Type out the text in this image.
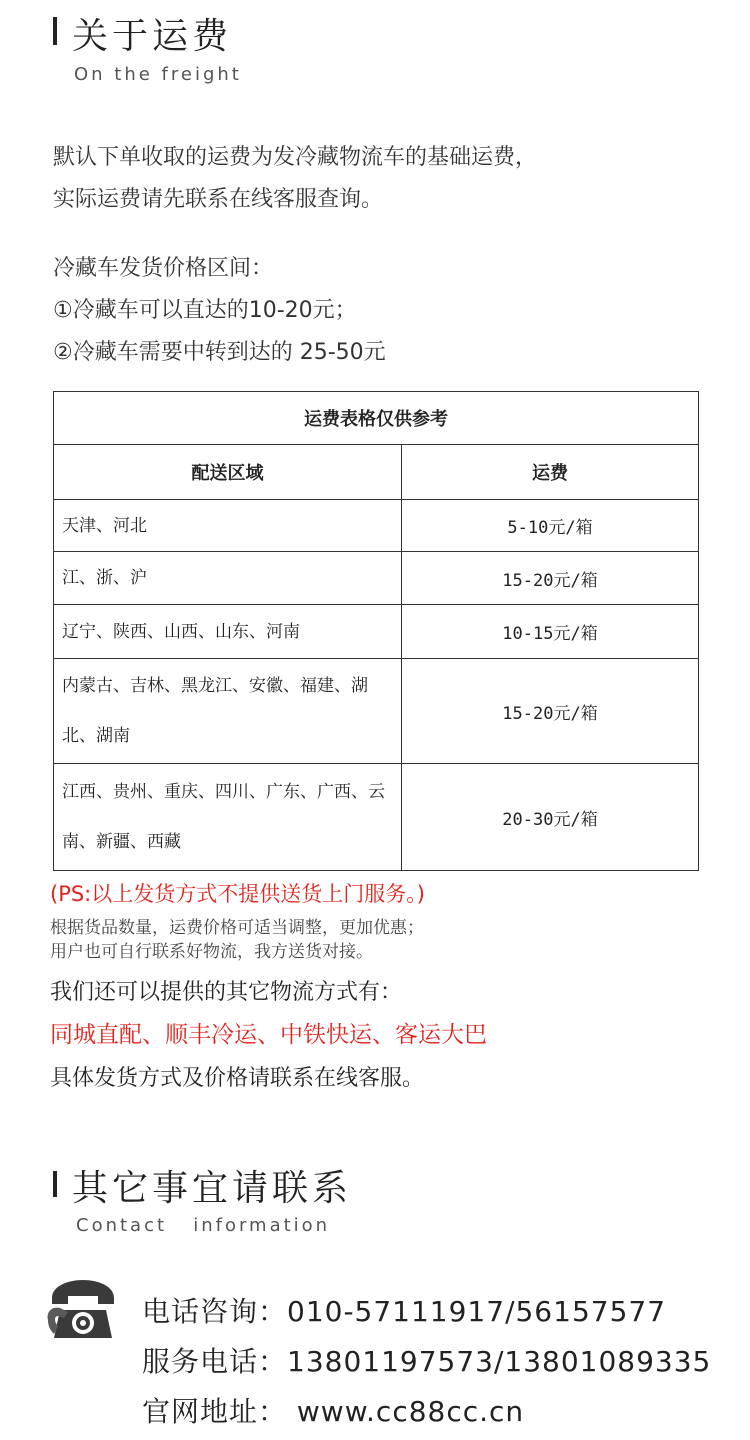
关于运费
On the freight
默认下单收取的运费为发冷藏物流车的基础运费，
实际运费请先联系在线客服查询。
冷藏车发货价格区间：
①冷藏车可以直达的10-20元；
②冷藏车需要中转到达的 25-50元
运费表格仅供参考	
配送区域	运费
天津、河北	5-10元/箱
江、浙、沪	15-20元/箱
辽宁、陕西、山西、山东、河南	10-15元/箱
内蒙古、吉林、黑龙江、安徽、福建、湖北、湖南	15-20元/箱
江西、贵州、重庆、四川、广东、广西、云南、新疆、西藏	20-30元/箱
(PS:以上发货方式不提供送货上门服务。)
根据货品数量，运费价格可适当调整，更加优惠；
用户也可自行联系好物流，我方送货对接。
我们还可以提供的其它物流方式有：
同城直配、顺丰冷运、中铁快运、客运大巴
具体发货方式及价格请联系在线客服。
其它事宜请联系
Contact   information
电话咨询：010-57111917/56157577
服务电话：13801197573/13801089335
官网地址： www.cc88cc.cn
